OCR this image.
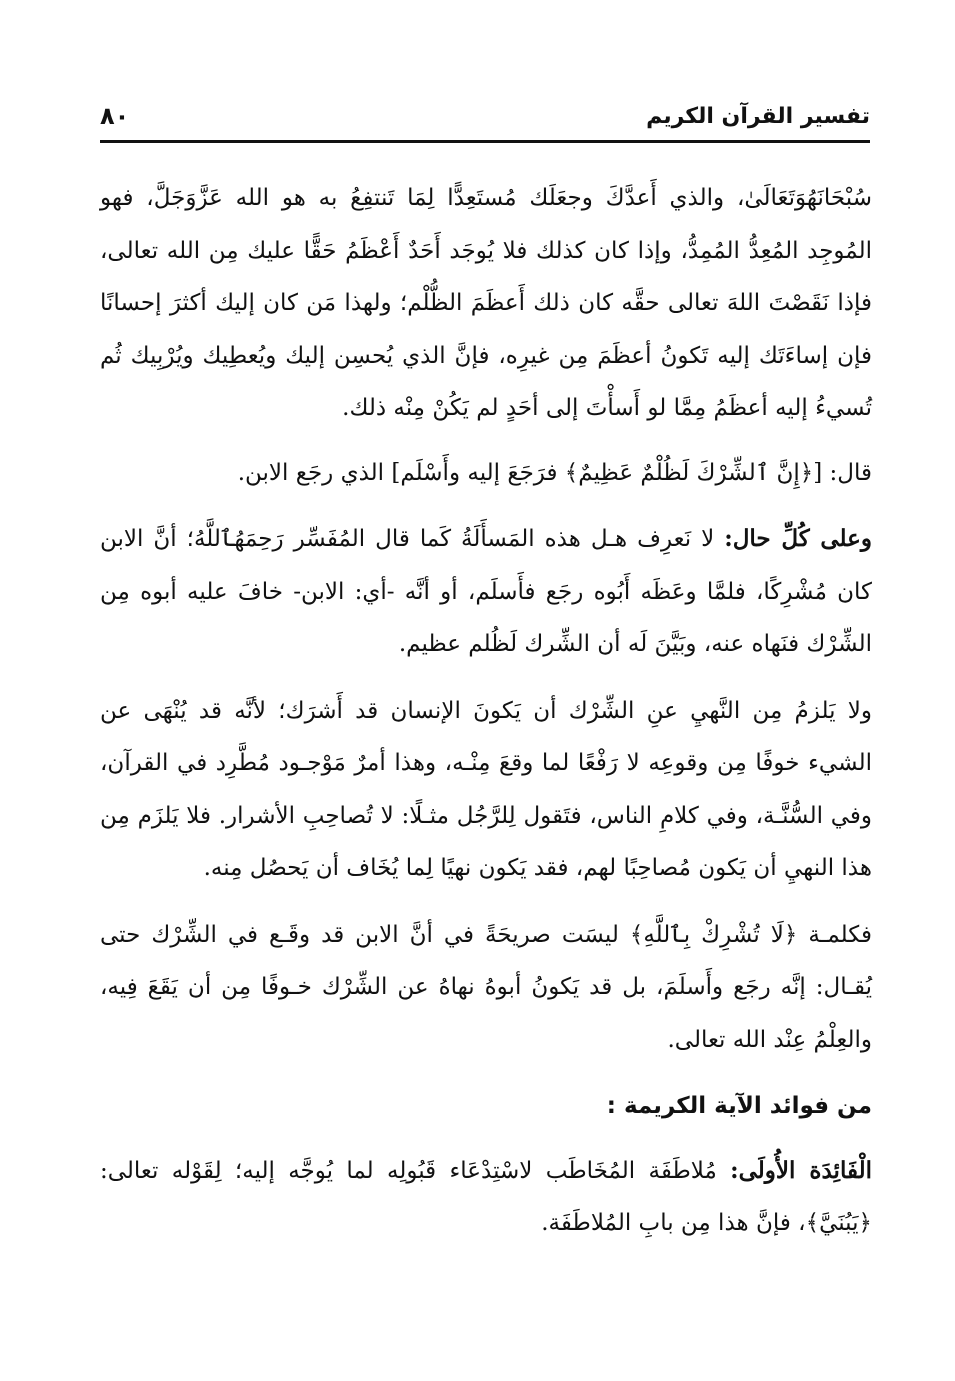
تفسير القرآن الكريم
٨٠

سُبْحَانَهُوَتَعَالَىٰ، والذي أَعدَّكَ وجعَلَك مُستَعِدًّا لِمَا تَنتفِعُ به هو الله عَزَّوَجَلَّ، فهو المُوجِد المُعِدُّ المُمِدُّ، وإذا كان كذلك فلا يُوجَد أَحَدٌ أَعْظَمُ حَقًّا عليك مِن الله تعالى، فإذا نَقَصْتَ اللهَ تعالى حقَّه كان ذلك أَعظَمَ الظُّلْم؛ ولهذا مَن كان إليك أكثرَ إحسانًا فإن إساءَتَك إليه تَكونُ أعظَمَ مِن غيرِه، فإنَّ الذي يُحسِن إليك ويُعطِيك ويُرْبِيك ثُم تُسيءُ إليه أعظَمُ مِمَّا لو أَسأْتَ إلى أحَدٍ لم يَكُنْ مِنْه ذلك.

قال: [﴿إِنَّ ٱلشِّرْكَ لَظُلْمٌ عَظِيمٌ﴾ فرَجَعَ إليه وأَسْلَم] الذي رجَع الابن.

وعلى كُلِّ حال: لا نَعرِف هـل هذه المَسأَلَةُ كَما قال المُفَسِّر رَحِمَهُٱللَّهُ؛ أنَّ الابن كان مُشْرِكًا، فلمَّا وعَظَه أَبُوه رجَع فأَسلَم، أو أنَّه -أي: الابن- خافَ عليه أبوه مِن الشِّرْك فنَهاه عنه، وبَيَّنَ لَه أن الشِّرك لَظُلم عظيم.

ولا يَلزمُ مِن النَّهيِ عنِ الشِّرْك أن يَكونَ الإنسان قد أَشرَك؛ لأنَّه قد يُنْهَى عن الشيء خوفًا مِن وقوعِه لا رَفْعًا لما وقعَ مِنْـه، وهذا أمرٌ مَوْجـود مُطَّرِد في القرآن، وفي السُّنَّـة، وفي كلامِ الناس، فتَقول لِلرَّجُل مثـلًا: لا تُصاحِبِ الأشرار. فلا يَلزَم مِن هذا النهيِ أن يَكون مُصاحِبًا لهم، فقد يَكون نهيًا لِما يُخَاف أن يَحصُل مِنه.

فكلمـة ﴿لَا تُشْرِكْ بِٱللَّهِ﴾ ليسَت صريحَةً في أنَّ الابن قد وقَـع في الشِّرْك حتى يُقـال: إنَّه رجَع وأَسلَمَ، بل قد يَكونُ أبوهُ نهاهُ عن الشِّرْك خـوفًا مِن أن يَقَعَ فِيه، والعِلْمُ عِنْد الله تعالى.

من فوائد الآية الكريمة :

الْفَائِدَة الأُولَى: مُلاطَفَة المُخَاطَب لاسْتِدْعَاء قَبُولِه لما يُوجَّه إليه؛ لِقَوْله تعالى: ﴿يَبُنَيَّ﴾، فإنَّ هذا مِن بابِ المُلاطَفَة.
